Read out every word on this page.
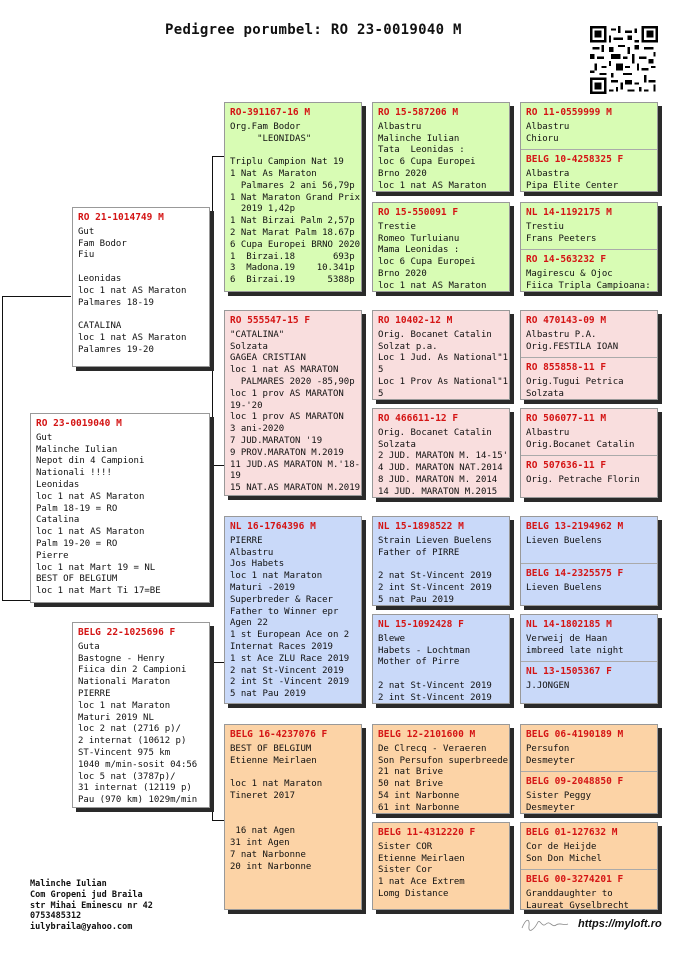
Pedigree porumbel: RO 23-0019040 M
RO 23-0019040 M
Gut
Malinche Iulian
Nepot din 4 Campioni
Nationali !!!!
Leonidas
loc 1 nat AS Maraton
Palm 18-19 = RO
Catalina
loc 1 nat AS Maraton
Palm 19-20 = RO
Pierre
loc 1 nat Mart 19 = NL
BEST OF BELGIUM
loc 1 nat Mart Ti 17=BE
RO 21-1014749 M
Gut
Fam Bodor
Fiu
Leonidas
loc 1 nat AS Maraton
Palmares 18-19
CATALINA
loc 1 nat AS Maraton
Palamres 19-20
BELG 22-1025696 F
Guta
Bastogne - Henry
Fiica din 2 Campioni
Nationali Maraton
PIERRE
loc 1 nat Maraton
Maturi 2019 NL
loc 2 nat (2716 p)/
2 internat (10612 p)
ST-Vincent 975 km
1040 m/min-sosit 04:56
loc 5 nat (3787p)/
31 internat (12119 p)
Pau (970 km) 1029m/min
RO-391167-16 M
Org.Fam Bodor
"LEONIDAS"
Triplu Campion Nat 19
1 Nat As Maraton
Palmares 2 ani 56,79p
1 Nat Maraton Grand Prix
2019 1,42p
1 Nat Birzai Palm 2,57p
2 Nat Marat Palm 18.67p
6 Cupa Europei BRNO 2020
1  Birzai.18       693p
3  Madona.19    10.341p
6  Birzai.19      5388p
RO 555547-15 F
"CATALINA"
Solzata
GAGEA CRISTIAN
loc 1 nat AS MARATON
PALMARES 2020 -85,90p
loc 1 prov AS MARATON
19-'20
loc 1 prov AS MARATON
3 ani-2020
7 JUD.MARATON '19
9 PROV.MARATON M.2019
11 JUD.AS MARATON M.'18-
19
15 NAT.AS MARATON M.2019
NL 16-1764396 M
PIERRE
Albastru
Jos Habets
loc 1 nat Maraton
Maturi -2019
Superbreder & Racer
Father to Winner epr
Agen 22
1 st European Ace on 2
Internat Races 2019
1 st Ace ZLU Race 2019
2 nat St-Vincent 2019
2 int St -Vincent 2019
5 nat Pau 2019
BELG 16-4237076 F
BEST OF BELGIUM
Etienne Meirlaen
loc 1 nat Maraton
Tineret 2017
16 nat Agen
31 int Agen
7 nat Narbonne
20 int Narbonne
RO 15-587206 M
Albastru
Malinche Iulian
Tata  Leonidas :
loc 6 Cupa Europei
Brno 2020
loc 1 nat AS Maraton
RO 15-550091 F
Trestie
Romeo Turluianu
Mama Leonidas :
loc 6 Cupa Europei
Brno 2020
loc 1 nat AS Maraton
RO 10402-12 M
Orig. Bocanet Catalin
Solzat p.a.
Loc 1 Jud. As National"1
5
Loc 1 Prov As National"1
5
RO 466611-12 F
Orig. Bocanet Catalin
Solzata
2 JUD. MARATON M. 14-15'
4 JUD. MARATON NAT.2014
8 JUD. MARATON M. 2014
14 JUD. MARATON M.2015
NL 15-1898522 M
Strain Lieven Buelens
Father of PIRRE
2 nat St-Vincent 2019
2 int St-Vincent 2019
5 nat Pau 2019
NL 15-1092428 F
Blewe
Habets - Lochtman
Mother of Pirre
2 nat St-Vincent 2019
2 int St-Vincent 2019
BELG 12-2101600 M
De Clrecq - Veraeren
Son Persufon superbreede
21 nat Brive
50 nat Brive
54 int Narbonne
61 int Narbonne
BELG 11-4312220 F
Sister COR
Etienne Meirlaen
Sister Cor
1 nat Ace Extrem
Lomg Distance
RO 11-0559999 M
Albastru
Chioru
BELG 10-4258325 F
Albastra
Pipa Elite Center
NL 14-1192175 M
Trestiu
Frans Peeters
RO 14-563232 F
Magirescu & Ojoc
Fiica Tripla Campioana:
RO 470143-09 M
Albastru P.A.
Orig.FESTILA IOAN
RO 855858-11 F
Orig.Tugui Petrica
Solzata
RO 506077-11 M
Albastru
Orig.Bocanet Catalin
RO 507636-11 F
Orig. Petrache Florin
BELG 13-2194962 M
Lieven Buelens
BELG 14-2325575 F
Lieven Buelens
NL 14-1802185 M
Verweij de Haan
imbreed late night
NL 13-1505367 F
J.JONGEN
BELG 06-4190189 M
Persufon
Desmeyter
BELG 09-2048850 F
Sister Peggy
Desmeyter
BELG 01-127632 M
Cor de Heijde
Son Don Michel
BELG 00-3274201 F
Granddaughter to
Laureat Gyselbrecht
Malinche Iulian
Com Gropeni jud Braila
str Mihai Eminescu nr 42
0753485312
iulybraila@yahoo.com	https://myloft.ro
